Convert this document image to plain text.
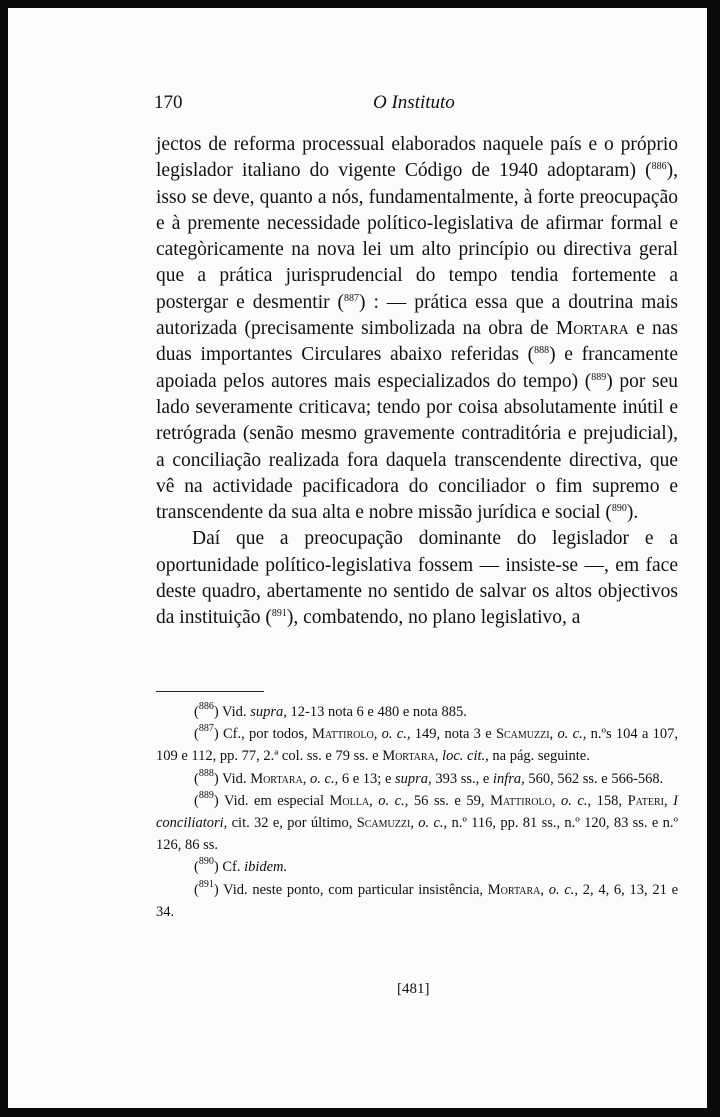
170	O Instituto

jectos de reforma processual elaborados naquele país e o próprio legislador italiano do vigente Código de 1940 adoptaram) ($^{886}$), isso se deve, quanto a nós, fundamentalmente, à forte preocupação e à premente necessidade político-legislativa de afirmar formal e categòricamente na nova lei um alto princípio ou directiva geral que a prática jurisprudencial do tempo tendia fortemente a postergar e desmentir ($^{887}$) : — prática essa que a doutrina mais autorizada (precisamente simbolizada na obra de Mortara e nas duas importantes Circulares abaixo referidas ($^{888}$) e francamente apoiada pelos autores mais especializados do tempo) ($^{889}$) por seu lado severamente criticava; tendo por coisa absolutamente inútil e retrógrada (senão mesmo gravemente contraditória e prejudicial), a conciliação realizada fora daquela transcendente directiva, que vê na actividade pacificadora do conciliador o fim supremo e transcendente da sua alta e nobre missão jurídica e social ($^{890}$).

Daí que a preocupação dominante do legislador e a oportunidade político-legislativa fossem — insiste-se —, em face deste quadro, abertamente no sentido de salvar os altos objectivos da instituição ($^{891}$), combatendo, no plano legislativo, a

($^{886}$) Vid. supra, 12-13 nota 6 e 480 e nota 885.

($^{887}$) Cf., por todos, Mattirolo, o. c., 149, nota 3 e Scamuzzi, o. c., n.ºs 104 a 107, 109 e 112, pp. 77, 2.ª col. ss. e 79 ss. e Mortara, loc. cit., na pág. seguinte.

($^{888}$) Vid. Mortara, o. c., 6 e 13; e supra, 393 ss., e infra, 560, 562 ss. e 566-568.

($^{889}$) Vid. em especial Molla, o. c., 56 ss. e 59, Mattirolo, o. c., 158, Pateri, I conciliatori, cit. 32 e, por último, Scamuzzi, o. c., n.º 116, pp. 81 ss., n.º 120, 83 ss. e n.º 126, 86 ss.

($^{890}$) Cf. ibidem.

($^{891}$) Vid. neste ponto, com particular insistência, Mortara, o. c., 2, 4, 6, 13, 21 e 34.

[481]
